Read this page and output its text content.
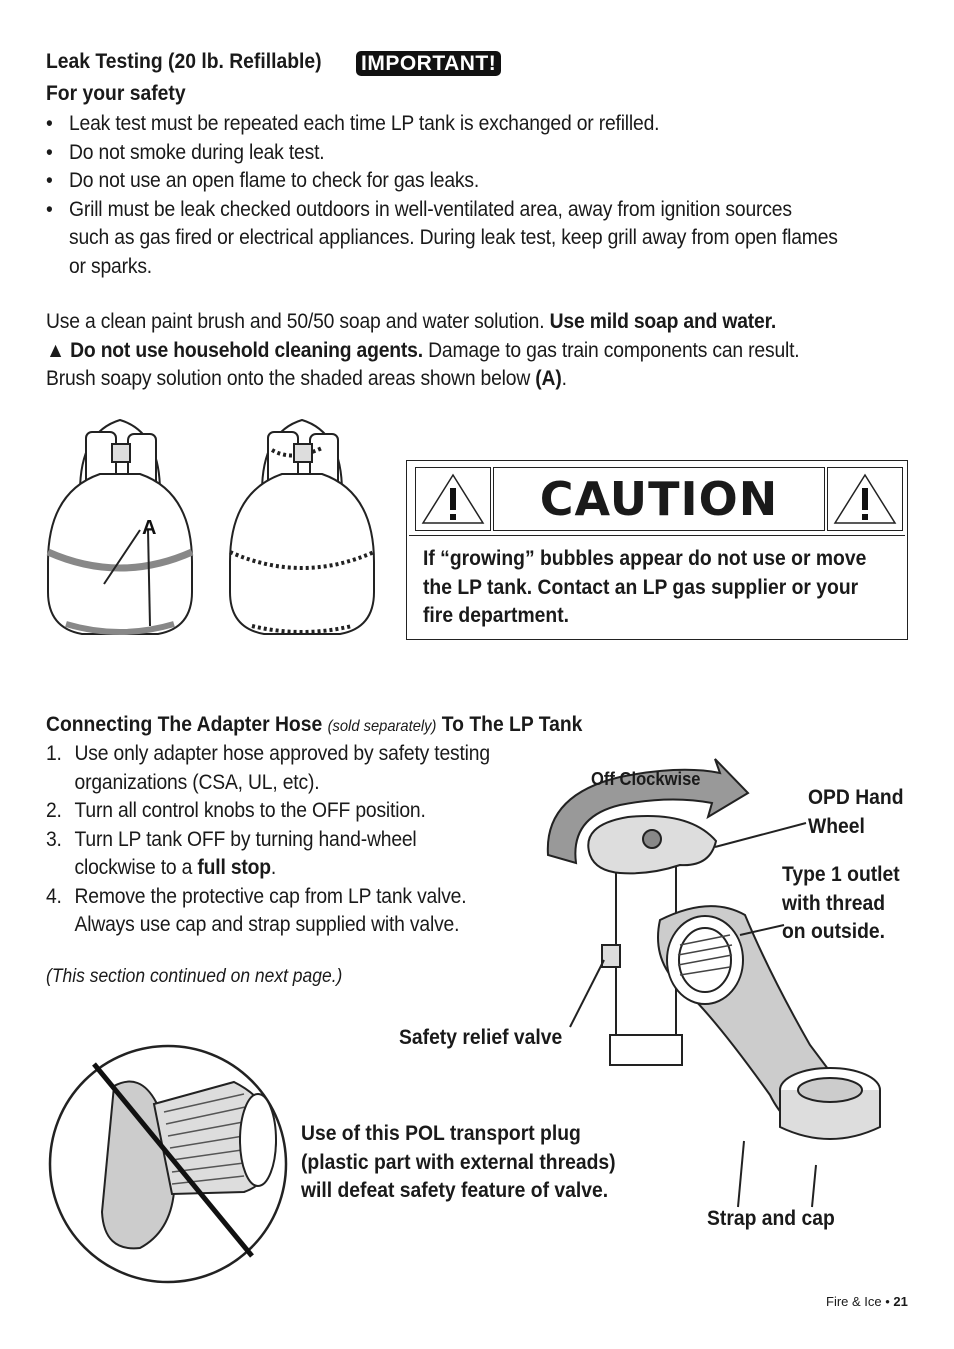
Leak Testing (20 lb. Refillable)	IMPORTANT!
For your safety
• Leak test must be repeated each time LP tank is exchanged or refilled.
• Do not smoke during leak test.
• Do not use an open flame to check for gas leaks.
• Grill must be leak checked outdoors in well-ventilated area, away from ignition sources
such as gas fired or electrical appliances. During leak test, keep grill away from open flames
or sparks.
Use a clean paint brush and 50/50 soap and water solution. Use mild soap and water.
▲ Do not use household cleaning agents. Damage to gas train components can result.
Brush soapy solution onto the shaded areas shown below (A).
A
CAUTION
If “growing” bubbles appear do not use or move
the LP tank. Contact an LP gas supplier or your
fire department.
Connecting The Adapter Hose (sold separately) To The LP Tank
1. Use only adapter hose approved by safety testing
organizations (CSA, UL, etc).
2. Turn all control knobs to the OFF position.
3. Turn LP tank OFF by turning hand-wheel
clockwise to a full stop.
4. Remove the protective cap from LP tank valve.
Always use cap and strap supplied with valve.
(This section continued on next page.)
Off Clockwise
OPD Hand
Wheel
Type 1 outlet
with thread
on outside.
Safety relief valve
Strap and cap
Use of this POL transport plug
(plastic part with external threads)
will defeat safety feature of valve.
Fire & Ice • 21
